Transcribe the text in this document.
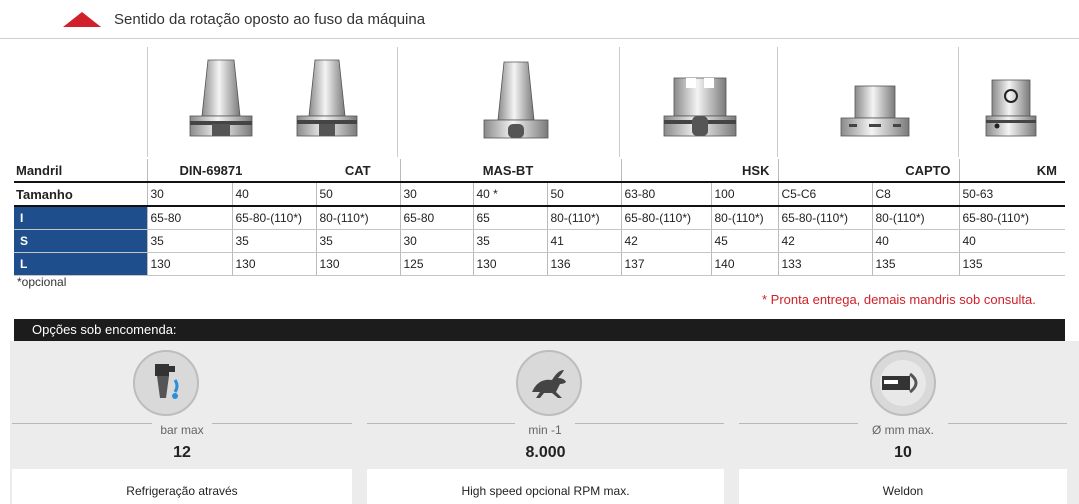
Sentido da rotação oposto ao fuso da máquina
Mandril	DIN-69871		CAT	MAS-BT			HSK		CAPTO		KM
Tamanho	30	40	50	30	40 *	50	63-80	100	C5-C6	C8	50-63
I	65-80	65-80-(110*)	80-(110*)	65-80	65	80-(110*)	65-80-(110*)	80-(110*)	65-80-(110*)	80-(110*)	65-80-(110*)
S	35	35	35	30	35	41	42	45	42	40	40
L	130	130	130	125	130	136	137	140	133	135	135
*opcional
* Pronta entrega, demais mandris sob consulta.
Opções sob encomenda:
bar max
12
Refrigeração através
min -1
8.000
High speed opcional RPM max.
Ø mm max.
10
Weldon
